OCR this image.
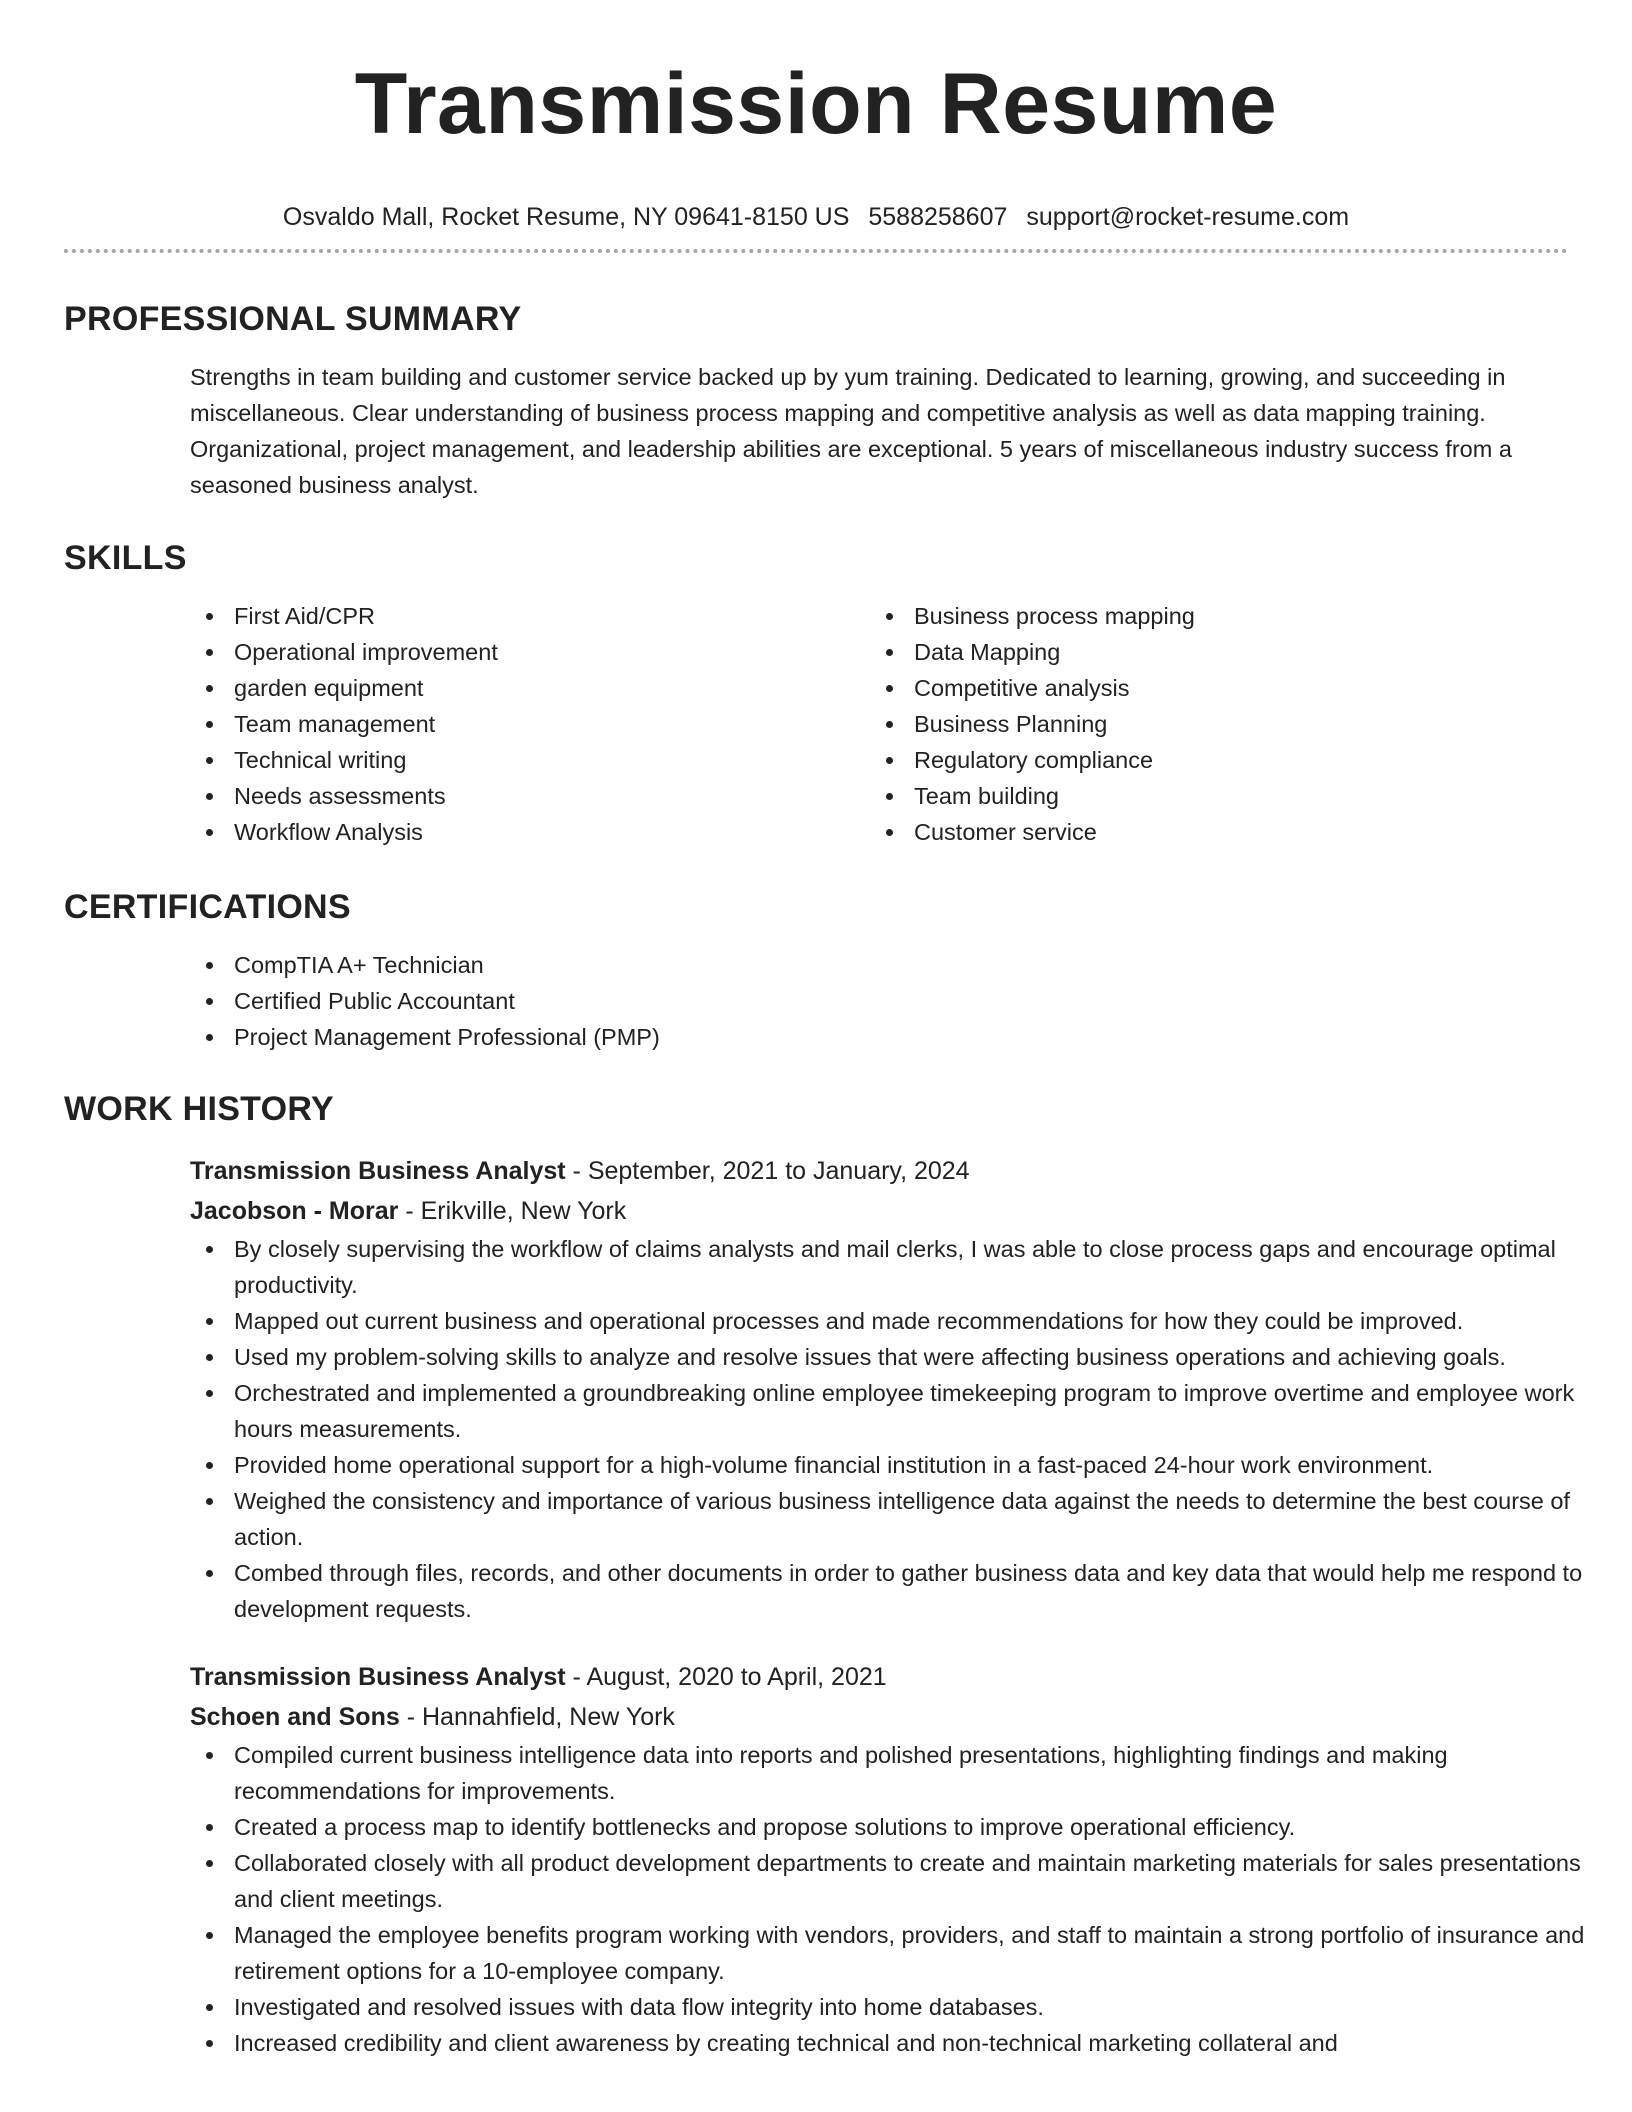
Transmission Resume
Osvaldo Mall, Rocket Resume, NY 09641-8150 US 5588258607 support@rocket-resume.com
PROFESSIONAL SUMMARY

Strengths in team building and customer service backed up by yum training. Dedicated to learning, growing, and succeeding in miscellaneous. Clear understanding of business process mapping and competitive analysis as well as data mapping training. Organizational, project management, and leadership abilities are exceptional. 5 years of miscellaneous industry success from a seasoned business analyst.

SKILLS
First Aid/CPR
Operational improvement
garden equipment
Team management
Technical writing
Needs assessments
Workflow Analysis
Business process mapping
Data Mapping
Competitive analysis
Business Planning
Regulatory compliance
Team building
Customer service
CERTIFICATIONS
CompTIA A+ Technician
Certified Public Accountant
Project Management Professional (PMP)
WORK HISTORY
Transmission Business Analyst - September, 2021 to January, 2024
Jacobson - Morar - Erikville, New York
By closely supervising the workflow of claims analysts and mail clerks, I was able to close process gaps and encourage optimal productivity.
Mapped out current business and operational processes and made recommendations for how they could be improved.
Used my problem-solving skills to analyze and resolve issues that were affecting business operations and achieving goals.
Orchestrated and implemented a groundbreaking online employee timekeeping program to improve overtime and employee work hours measurements.
Provided home operational support for a high-volume financial institution in a fast-paced 24-hour work environment.
Weighed the consistency and importance of various business intelligence data against the needs to determine the best course of action.
Combed through files, records, and other documents in order to gather business data and key data that would help me respond to development requests.
Transmission Business Analyst - August, 2020 to April, 2021
Schoen and Sons - Hannahfield, New York
Compiled current business intelligence data into reports and polished presentations, highlighting findings and making recommendations for improvements.
Created a process map to identify bottlenecks and propose solutions to improve operational efficiency.
Collaborated closely with all product development departments to create and maintain marketing materials for sales presentations and client meetings.
Managed the employee benefits program working with vendors, providers, and staff to maintain a strong portfolio of insurance and retirement options for a 10-employee company.
Investigated and resolved issues with data flow integrity into home databases.
Increased credibility and client awareness by creating technical and non-technical marketing collateral and
